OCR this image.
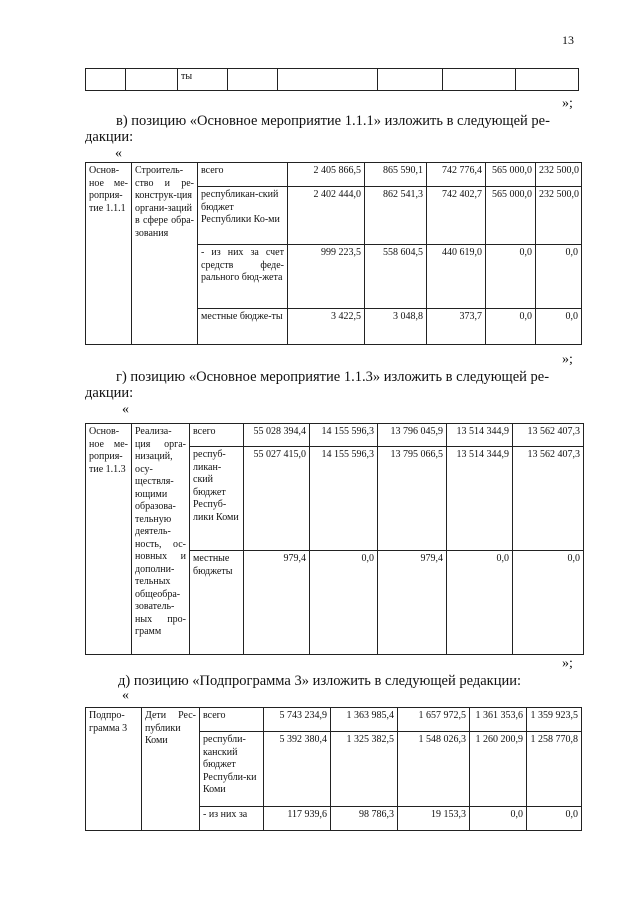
13
		ты					
»;
в) позицию «Основное мероприятие 1.1.1» изложить в следующей ре-
дакции:
«
Основ-ное ме-роприя-тие 1.1.1	Строитель-ство и ре-конструк-ция органи-заций в сфере обра-зования	всего	2 405 866,5	865 590,1	742 776,4	565 000,0	232 500,0
		республикан-ский бюджет Республики Ко-ми	2 402 444,0	862 541,3	742 402,7	565 000,0	232 500,0
		- из них за счет средств феде-рального бюд-жета	999 223,5	558 604,5	440 619,0	0,0	0,0
		местные бюдже-ты	3 422,5	3 048,8	373,7	0,0	0,0
»;
г) позицию «Основное мероприятие 1.1.3» изложить в следующей ре-
дакции:
«
Основ-ное ме-роприя-тие 1.1.3	Реализа-ция орга-низаций, осу-ществля-ющими образова-тельную деятель-ность, ос-новных и дополни-тельных общеобра-зователь-ных про-грамм	всего	55 028 394,4	14 155 596,3	13 796 045,9	13 514 344,9	13 562 407,3
		респуб-ликан-ский бюджет Респуб-лики Коми	55 027 415,0	14 155 596,3	13 795 066,5	13 514 344,9	13 562 407,3
		местные бюджеты	979,4	0,0	979,4	0,0	0,0
»;
д) позицию «Подпрограмма 3» изложить в следующей редакции:
«
Подпро-грамма 3	Дети Рес-публики Коми	всего	5 743 234,9	1 363 985,4	1 657 972,5	1 361 353,6	1 359 923,5
		республи-канский бюджет Республи-ки Коми	5 392 380,4	1 325 382,5	1 548 026,3	1 260 200,9	1 258 770,8
		- из них за	117 939,6	98 786,3	19 153,3	0,0	0,0
